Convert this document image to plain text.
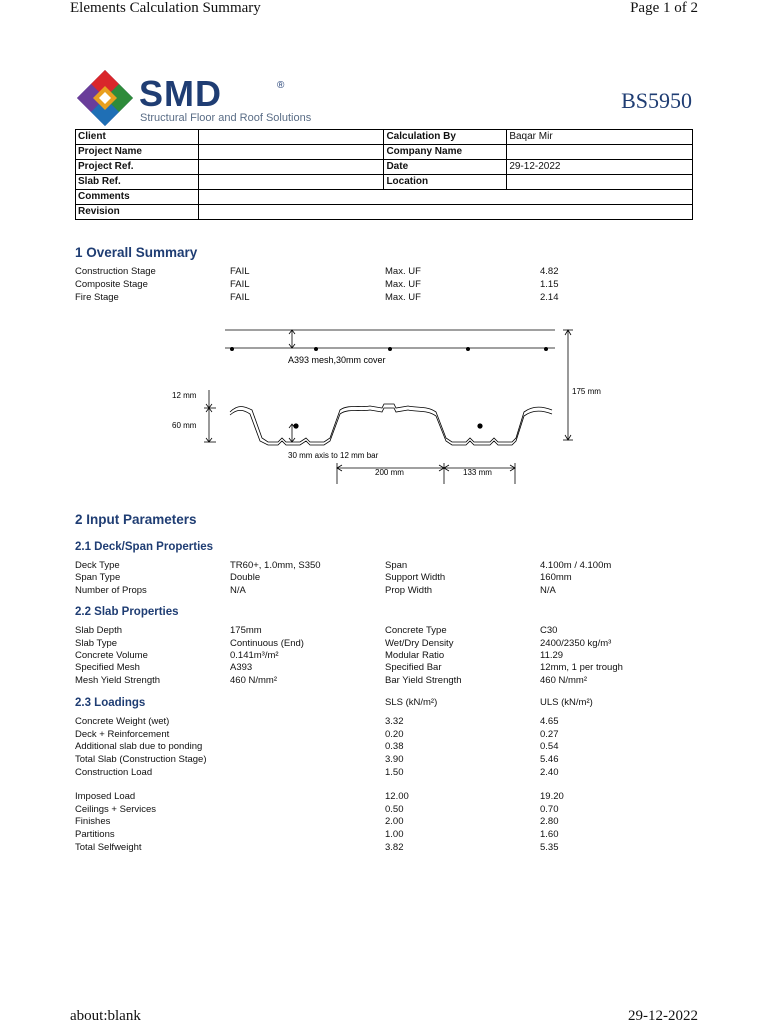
Elements Calculation Summary	Page 1 of 2
about:blank	29-12-2022
SMD	®
Structural Floor and Roof Solutions
BS5950
Client		Calculation By	Baqar Mir
Project Name		Company Name	
Project Ref.		Date	29-12-2022
Slab Ref.		Location	
Comments			
Revision			
1 Overall Summary
Construction Stage	FAIL	Max. UF	4.82
Composite Stage	FAIL	Max. UF	1.15
Fire Stage	FAIL	Max. UF	2.14
A393 mesh,30mm cover
175 mm
12 mm
60 mm
30 mm axis to 12 mm bar
200 mm	133 mm
2 Input Parameters
2.1 Deck/Span Properties
Deck Type	TR60+, 1.0mm, S350	Span	4.100m / 4.100m
Span Type	Double	Support Width	160mm
Number of Props	N/A	Prop Width	N/A
2.2 Slab Properties
Slab Depth	175mm	Concrete Type	C30
Slab Type	Continuous (End)	Wet/Dry Density	2400/2350 kg/m³
Concrete Volume	0.141m³/m²	Modular Ratio	11.29
Specified Mesh	A393	Specified Bar	12mm, 1 per trough
Mesh Yield Strength	460 N/mm²	Bar Yield Strength	460 N/mm²
2.3 Loadings	SLS (kN/m²)	ULS (kN/m²)
Concrete Weight (wet)	3.32	4.65
Deck + Reinforcement	0.20	0.27
Additional slab due to ponding	0.38	0.54
Total Slab (Construction Stage)	3.90	5.46
Construction Load	1.50	2.40
Imposed Load	12.00	19.20
Ceilings + Services	0.50	0.70
Finishes	2.00	2.80
Partitions	1.00	1.60
Total Selfweight	3.82	5.35
